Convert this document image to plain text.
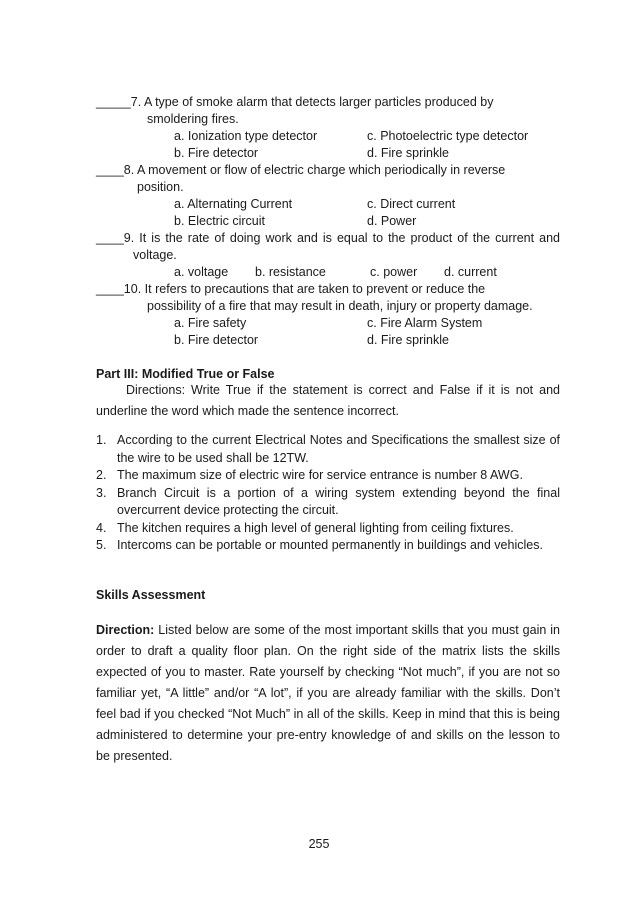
_____7. A type of smoke alarm that detects larger particles produced by
smoldering fires.
a. Ionization type detector	c. Photoelectric type detector
b. Fire detector	d. Fire sprinkle
____8. A movement or flow of electric charge which periodically in reverse
position.
a. Alternating Current	c. Direct current
b. Electric circuit	d. Power
____9. It is the rate of doing work and is equal to the product of the current and
voltage.
a. voltage b. resistance	c. power d. current
____10. It refers to precautions that are taken to prevent or reduce the
possibility of a fire that may result in death, injury or property damage.
a. Fire safety	c. Fire Alarm System
b. Fire detector	d. Fire sprinkle
Part III: Modified True or False
Directions: Write True if the statement is correct and False if it is not and underline the word which made the sentence incorrect.
1. According to the current Electrical Notes and Specifications the smallest size of the wire to be used shall be 12TW.
2. The maximum size of electric wire for service entrance is number 8 AWG.
3. Branch Circuit is a portion of a wiring system extending beyond the final overcurrent device protecting the circuit.
4. The kitchen requires a high level of general lighting from ceiling fixtures.
5. Intercoms can be portable or mounted permanently in buildings and vehicles.
Skills Assessment
Direction: Listed below are some of the most important skills that you must gain in order to draft a quality floor plan. On the right side of the matrix lists the skills expected of you to master. Rate yourself by checking “Not much”, if you are not so familiar yet, “A little” and/or “A lot”, if you are already familiar with the skills. Don’t feel bad if you checked “Not Much” in all of the skills. Keep in mind that this is being administered to determine your pre-entry knowledge of and skills on the lesson to be presented.
255
